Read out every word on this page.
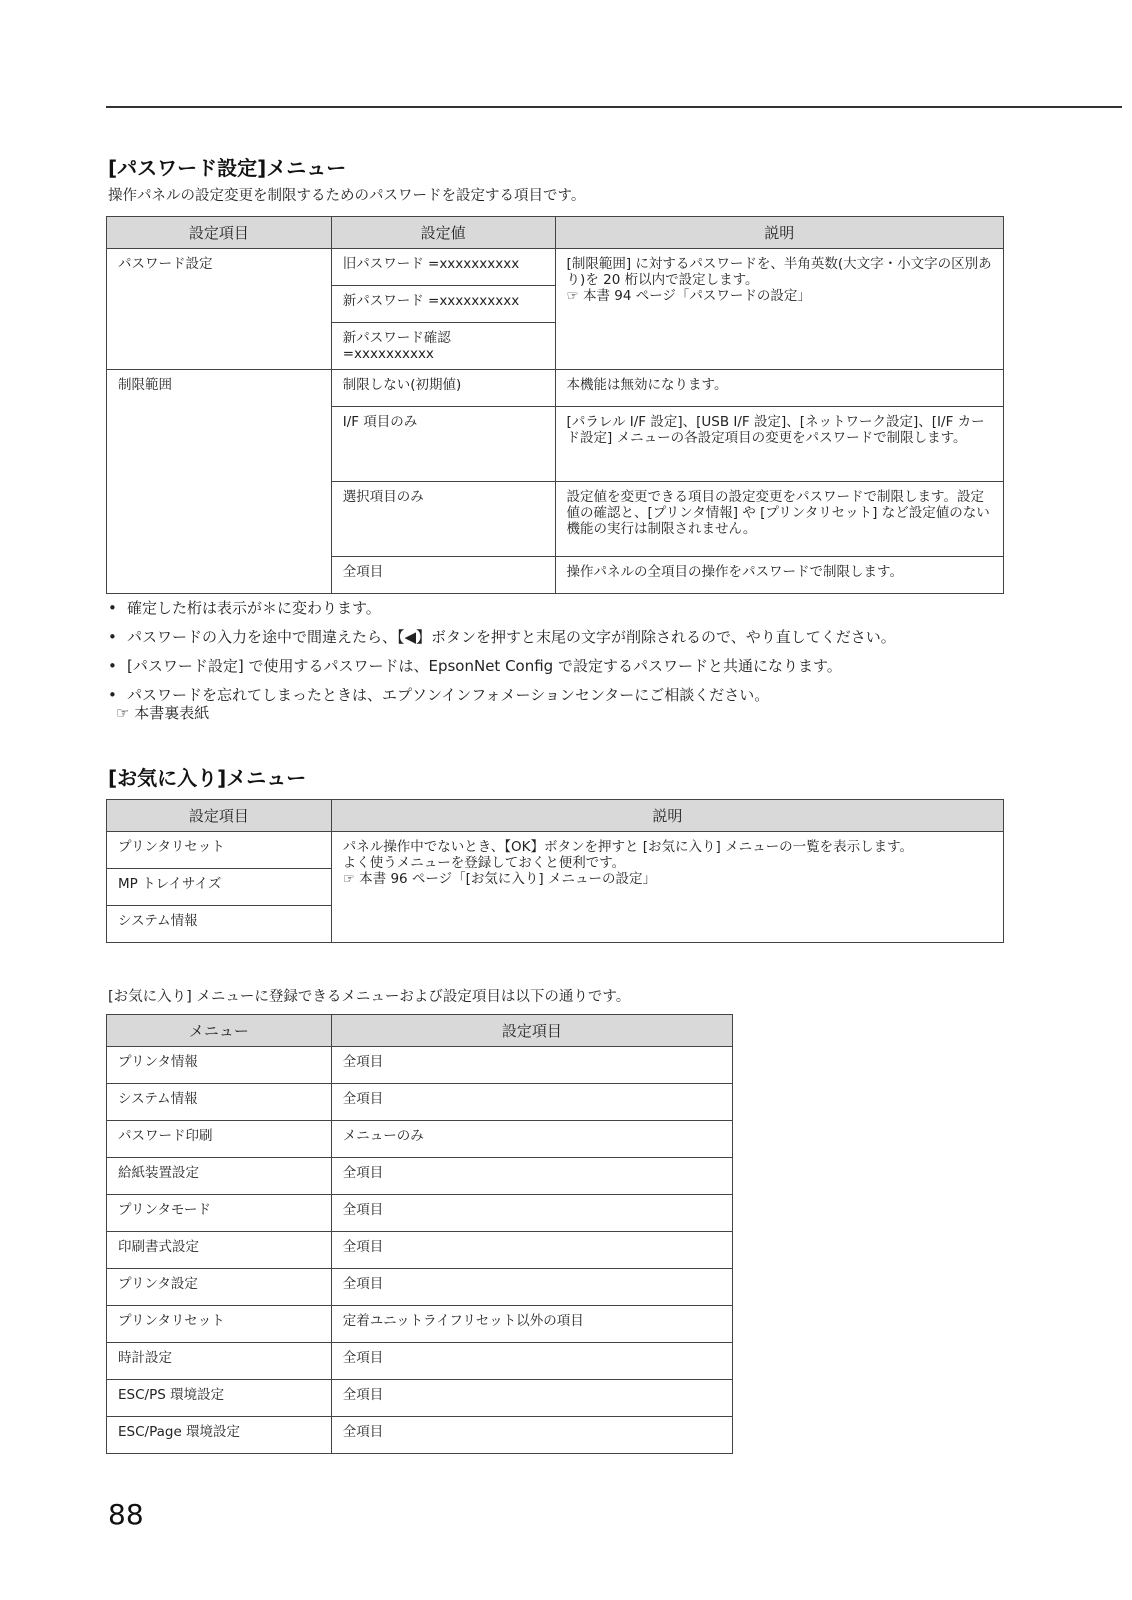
[パスワード設定]メニュー
操作パネルの設定変更を制限するためのパスワードを設定する項目です。
設定項目	設定値	説明
パスワード設定	旧パスワード =xxxxxxxxxx	[制限範囲] に対するパスワードを、半角英数(大文字・小文字の区別あり)を 20 桁以内で設定します。
☞ 本書 94 ページ「パスワードの設定」

	新パスワード =xxxxxxxxxx	
	新パスワード確認 =xxxxxxxxxx	
制限範囲	制限しない(初期値)	本機能は無効になります。
	I/F 項目のみ	[パラレル I/F 設定]、[USB I/F 設定]、[ネットワーク設定]、[I/F カード設定] メニューの各設定項目の変更をパスワードで制限します。
	選択項目のみ	設定値を変更できる項目の設定変更をパスワードで制限します。設定値の確認と、[プリンタ情報] や [プリンタリセット] など設定値のない機能の実行は制限されません。
	全項目	操作パネルの全項目の操作をパスワードで制限します。
• 確定した桁は表示が＊に変わります。
• パスワードの入力を途中で間違えたら、【◀】ボタンを押すと末尾の文字が削除されるので、やり直してください。
• [パスワード設定] で使用するパスワードは、EpsonNet Config で設定するパスワードと共通になります。
• パスワードを忘れてしまったときは、エプソンインフォメーションセンターにご相談ください。
☞ 本書裏表紙
[お気に入り]メニュー
設定項目	説明
プリンタリセット	パネル操作中でないとき、【OK】ボタンを押すと [お気に入り] メニューの一覧を表示します。
よく使うメニューを登録しておくと便利です。
☞ 本書 96 ページ「[お気に入り] メニューの設定」

MP トレイサイズ	
システム情報	
[お気に入り] メニューに登録できるメニューおよび設定項目は以下の通りです。
メニュー	設定項目
プリンタ情報	全項目
システム情報	全項目
パスワード印刷	メニューのみ
給紙装置設定	全項目
プリンタモード	全項目
印刷書式設定	全項目
プリンタ設定	全項目
プリンタリセット	定着ユニットライフリセット以外の項目
時計設定	全項目
ESC/PS 環境設定	全項目
ESC/Page 環境設定	全項目
88
